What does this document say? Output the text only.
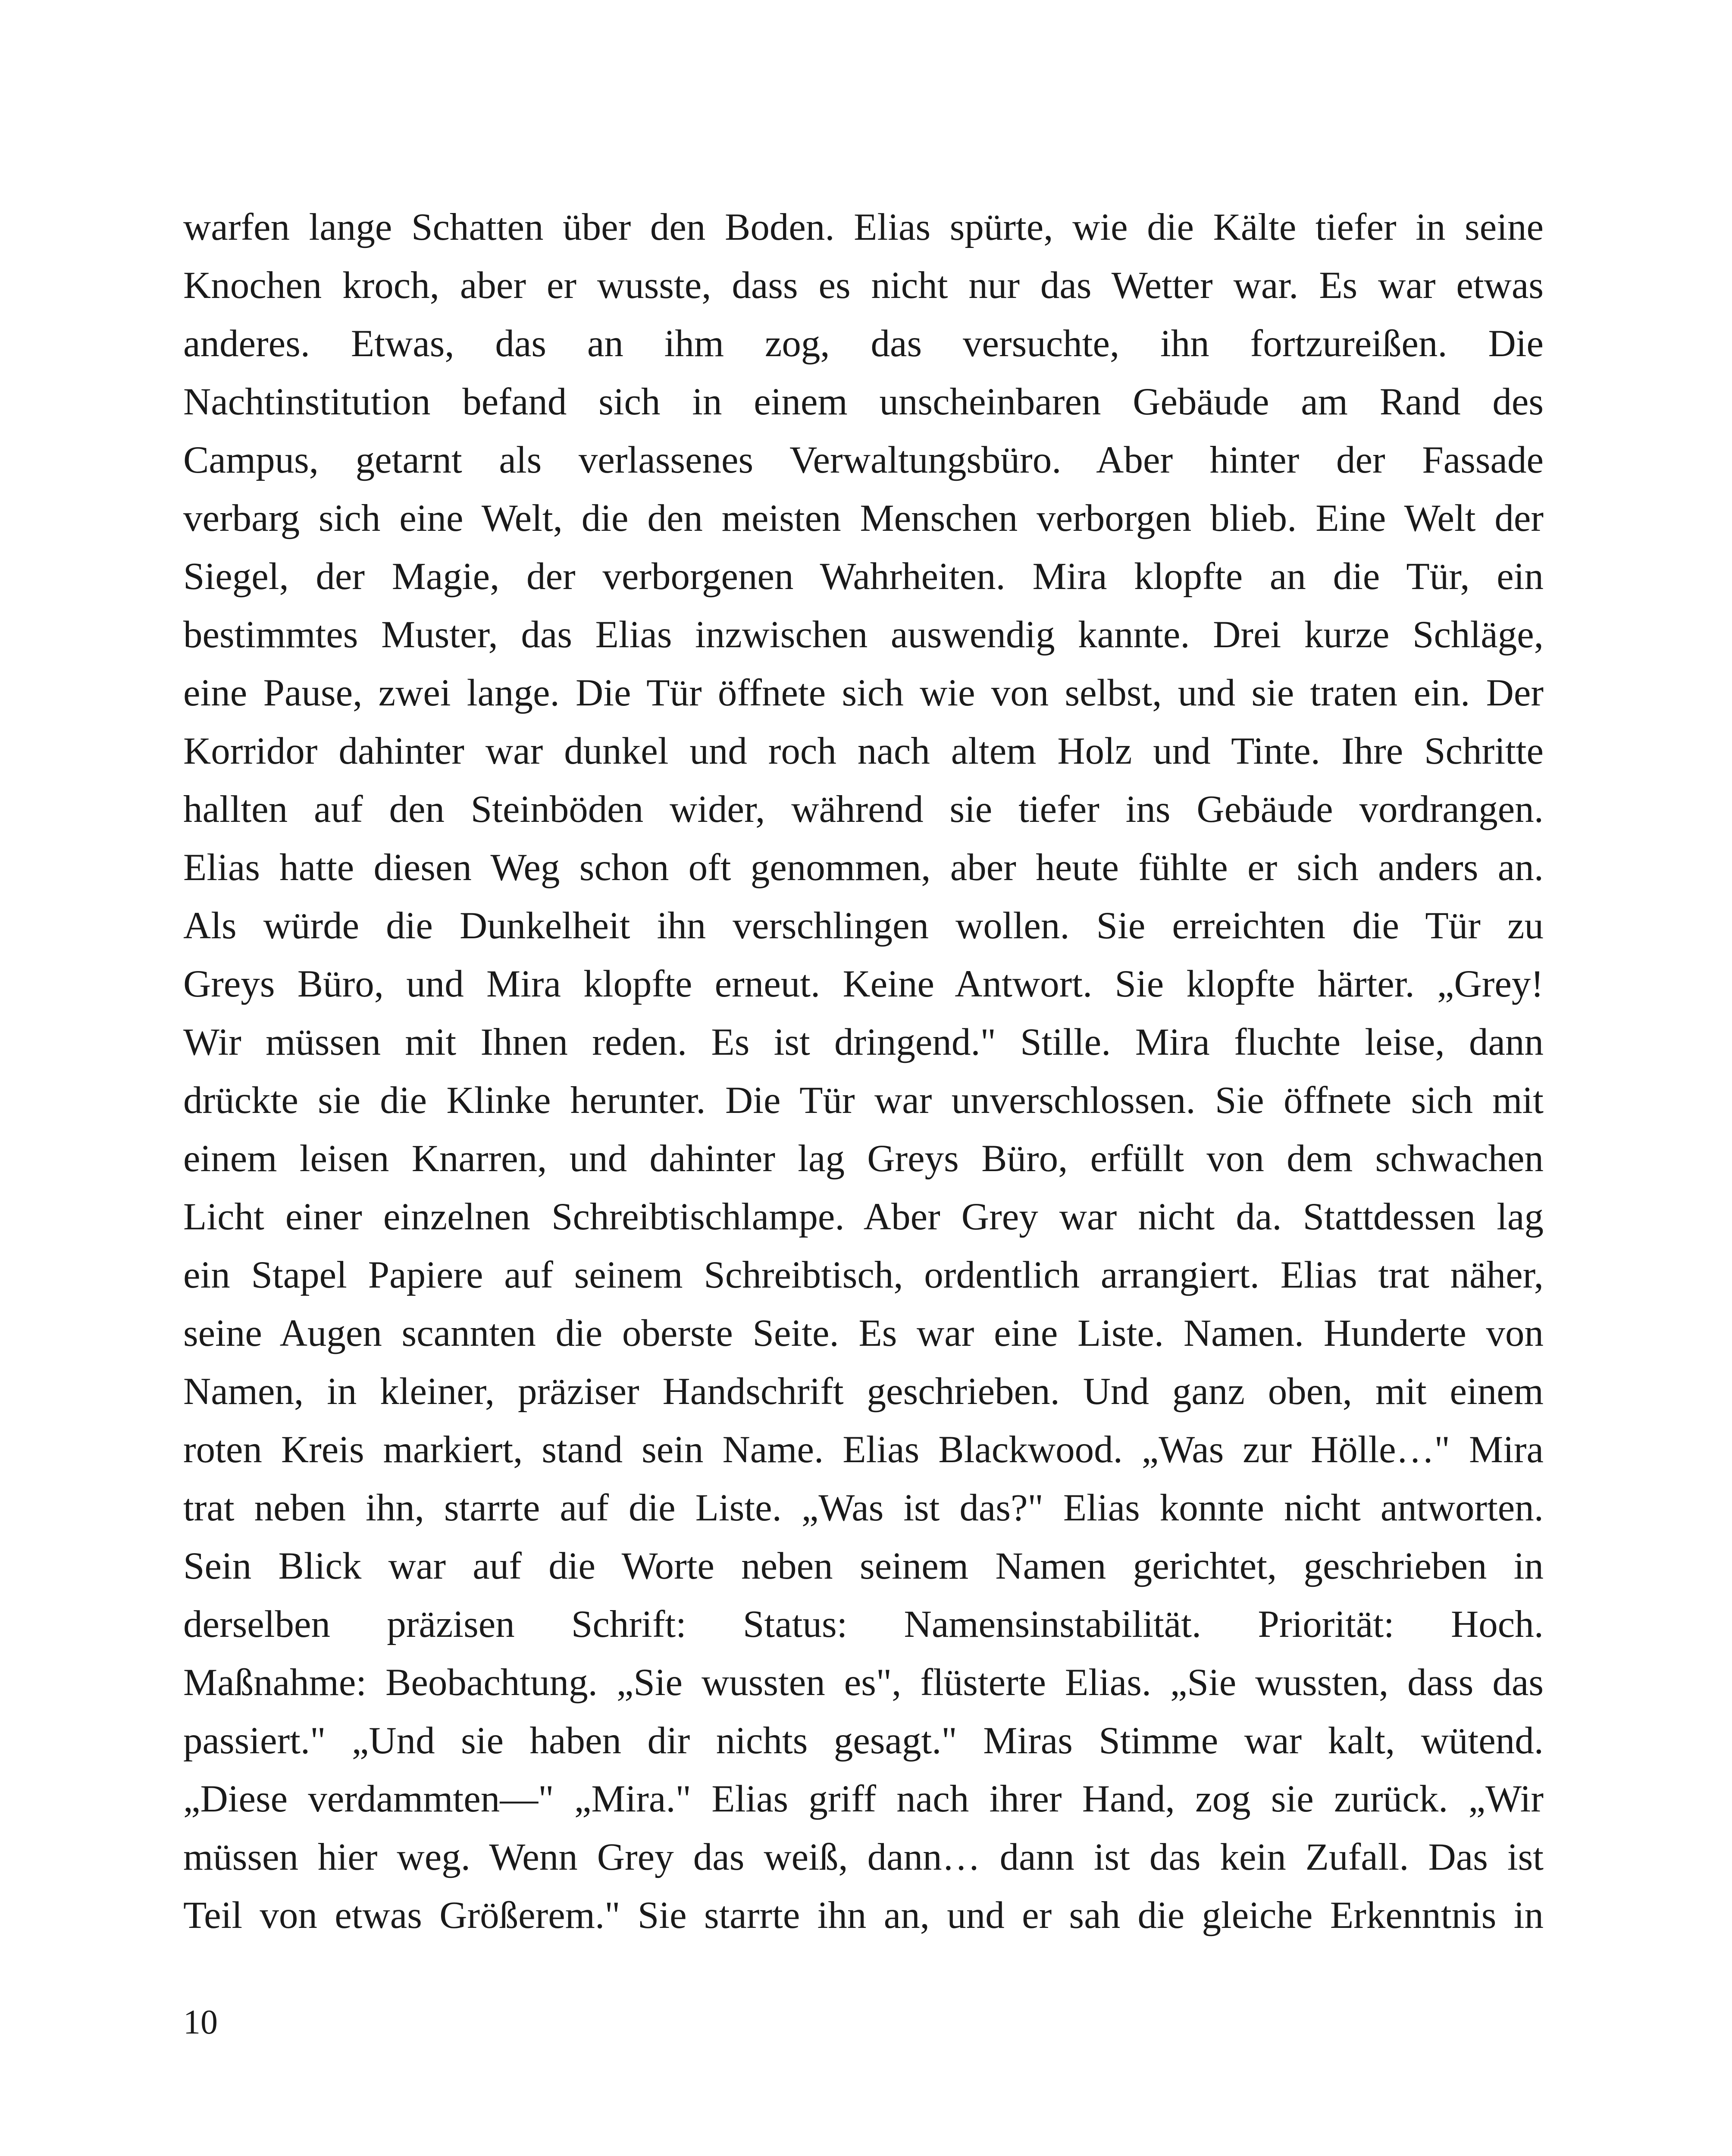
warfen lange Schatten über den Boden. Elias spürte, wie die Kälte tiefer in seine
Knochen kroch, aber er wusste, dass es nicht nur das Wetter war. Es war etwas
anderes. Etwas, das an ihm zog, das versuchte, ihn fortzureißen. Die
Nachtinstitution befand sich in einem unscheinbaren Gebäude am Rand des
Campus, getarnt als verlassenes Verwaltungsbüro. Aber hinter der Fassade
verbarg sich eine Welt, die den meisten Menschen verborgen blieb. Eine Welt der
Siegel, der Magie, der verborgenen Wahrheiten. Mira klopfte an die Tür, ein
bestimmtes Muster, das Elias inzwischen auswendig kannte. Drei kurze Schläge,
eine Pause, zwei lange. Die Tür öffnete sich wie von selbst, und sie traten ein. Der
Korridor dahinter war dunkel und roch nach altem Holz und Tinte. Ihre Schritte
hallten auf den Steinböden wider, während sie tiefer ins Gebäude vordrangen.
Elias hatte diesen Weg schon oft genommen, aber heute fühlte er sich anders an.
Als würde die Dunkelheit ihn verschlingen wollen. Sie erreichten die Tür zu
Greys Büro, und Mira klopfte erneut. Keine Antwort. Sie klopfte härter. „Grey!
Wir müssen mit Ihnen reden. Es ist dringend." Stille. Mira fluchte leise, dann
drückte sie die Klinke herunter. Die Tür war unverschlossen. Sie öffnete sich mit
einem leisen Knarren, und dahinter lag Greys Büro, erfüllt von dem schwachen
Licht einer einzelnen Schreibtischlampe. Aber Grey war nicht da. Stattdessen lag
ein Stapel Papiere auf seinem Schreibtisch, ordentlich arrangiert. Elias trat näher,
seine Augen scannten die oberste Seite. Es war eine Liste. Namen. Hunderte von
Namen, in kleiner, präziser Handschrift geschrieben. Und ganz oben, mit einem
roten Kreis markiert, stand sein Name. Elias Blackwood. „Was zur Hölle…" Mira
trat neben ihn, starrte auf die Liste. „Was ist das?" Elias konnte nicht antworten.
Sein Blick war auf die Worte neben seinem Namen gerichtet, geschrieben in
derselben präzisen Schrift: Status: Namensinstabilität. Priorität: Hoch.
Maßnahme: Beobachtung. „Sie wussten es", flüsterte Elias. „Sie wussten, dass das
passiert." „Und sie haben dir nichts gesagt." Miras Stimme war kalt, wütend.
„Diese verdammten—" „Mira." Elias griff nach ihrer Hand, zog sie zurück. „Wir
müssen hier weg. Wenn Grey das weiß, dann… dann ist das kein Zufall. Das ist
Teil von etwas Größerem." Sie starrte ihn an, und er sah die gleiche Erkenntnis in
10
